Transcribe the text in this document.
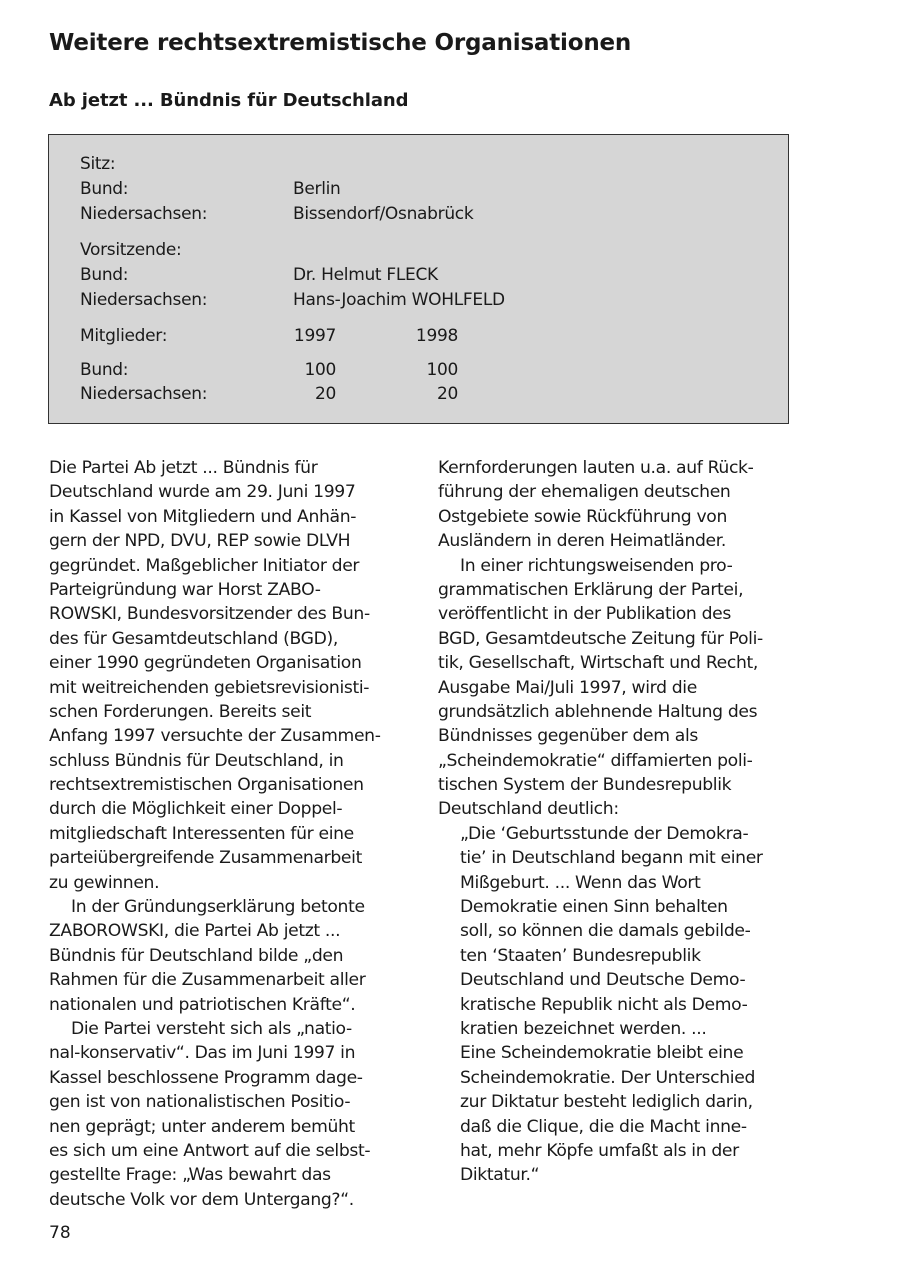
Weitere rechtsextremistische Organisationen
Ab jetzt ... Bündnis für Deutschland
Sitz:
Bund:	Berlin
Niedersachsen:	Bissendorf/Osnabrück
Vorsitzende:
Bund:	Dr. Helmut FLECK
Niedersachsen:	Hans-Joachim WOHLFELD
Mitglieder:	1997	1998
Bund:	100	100
Niedersachsen:	20	20
Die Partei Ab jetzt ... Bündnis für
Deutschland wurde am 29. Juni 1997
in Kassel von Mitgliedern und Anhän-
gern der NPD, DVU, REP sowie DLVH
gegründet. Maßgeblicher Initiator der
Parteigründung war Horst ZABO-
ROWSKI, Bundesvorsitzender des Bun-
des für Gesamtdeutschland (BGD),
einer 1990 gegründeten Organisation
mit weitreichenden gebietsrevisionisti-
schen Forderungen. Bereits seit
Anfang 1997 versuchte der Zusammen-
schluss Bündnis für Deutschland, in
rechtsextremistischen Organisationen
durch die Möglichkeit einer Doppel-
mitgliedschaft Interessenten für eine
parteiübergreifende Zusammenarbeit
zu gewinnen.
In der Gründungserklärung betonte
ZABOROWSKI, die Partei Ab jetzt ...
Bündnis für Deutschland bilde „den
Rahmen für die Zusammenarbeit aller
nationalen und patriotischen Kräfte“.
Die Partei versteht sich als „natio-
nal-konservativ“. Das im Juni 1997 in
Kassel beschlossene Programm dage-
gen ist von nationalistischen Positio-
nen geprägt; unter anderem bemüht
es sich um eine Antwort auf die selbst-
gestellte Frage: „Was bewahrt das
deutsche Volk vor dem Untergang?“.
Kernforderungen lauten u.a. auf Rück-
führung der ehemaligen deutschen
Ostgebiete sowie Rückführung von
Ausländern in deren Heimatländer.
In einer richtungsweisenden pro-
grammatischen Erklärung der Partei,
veröffentlicht in der Publikation des
BGD, Gesamtdeutsche Zeitung für Poli-
tik, Gesellschaft, Wirtschaft und Recht,
Ausgabe Mai/Juli 1997, wird die
grundsätzlich ablehnende Haltung des
Bündnisses gegenüber dem als
„Scheindemokratie“ diffamierten poli-
tischen System der Bundesrepublik
Deutschland deutlich:
„Die ‘Geburtsstunde der Demokra-
tie’ in Deutschland begann mit einer
Mißgeburt. ... Wenn das Wort
Demokratie einen Sinn behalten
soll, so können die damals gebilde-
ten ‘Staaten’ Bundesrepublik
Deutschland und Deutsche Demo-
kratische Republik nicht als Demo-
kratien bezeichnet werden. ...
Eine Scheindemokratie bleibt eine
Scheindemokratie. Der Unterschied
zur Diktatur besteht lediglich darin,
daß die Clique, die die Macht inne-
hat, mehr Köpfe umfaßt als in der
Diktatur.“
78
